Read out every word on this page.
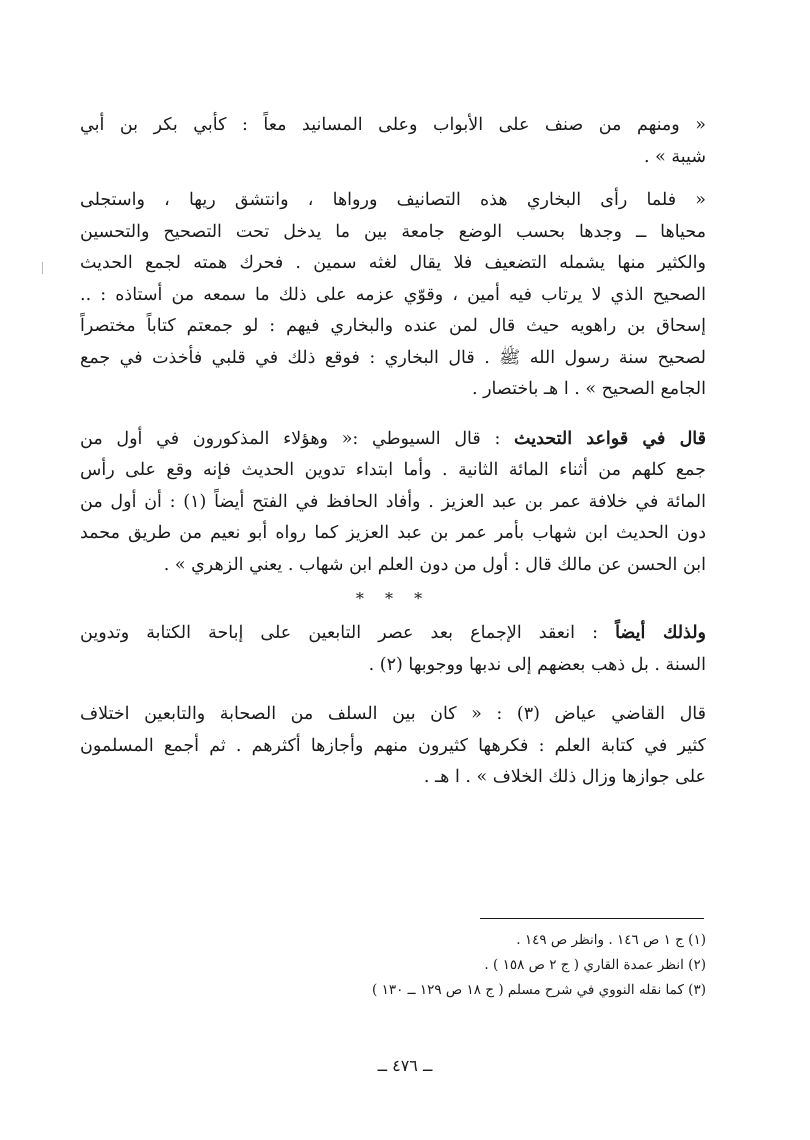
« ومنهم من صنف على الأبواب وعلى المسانيد معاً : كأبي بكر بن أبي
شيبة » .
« فلما رأى البخاري هذه التصانيف ورواها ، وانتشق ريها ، واستجلى
محياها ــ وجدها بحسب الوضع جامعة بين ما يدخل تحت التصحيح والتحسين
والكثير منها يشمله التضعيف فلا يقال لغثه سمين . فحرك همته لجمع الحديث
الصحيح الذي لا يرتاب فيه أمين ، وقوّي عزمه على ذلك ما سمعه من أستاذه : ..
إسحاق بن راهويه حيث قال لمن عنده والبخاري فيهم : لو جمعتم كتاباً مختصراً
لصحيح سنة رسول الله ﷺ . قال البخاري : فوقع ذلك في قلبي فأخذت في جمع
الجامع الصحيح » . ا هـ باختصار .
قال في قواعد التحديث : قال السيوطي :« وهؤلاء المذكورون في أول من
جمع كلهم من أثناء المائة الثانية . وأما ابتداء تدوين الحديث فإنه وقع على رأس
المائة في خلافة عمر بن عبد العزيز . وأفاد الحافظ في الفتح أيضاً (١) : أن أول من
دون الحديث ابن شهاب بأمر عمر بن عبد العزيز كما رواه أبو نعيم من طريق محمد
ابن الحسن عن مالك قال : أول من دون العلم ابن شهاب . يعني الزهري » .
* * *
ولذلك أيضاً : انعقد الإجماع بعد عصر التابعين على إباحة الكتابة وتدوين
السنة . بل ذهب بعضهم إلى ندبها ووجوبها (٢) .
قال القاضي عياض (٣) : « كان بين السلف من الصحابة والتابعين اختلاف
كثير في كتابة العلم : فكرهها كثيرون منهم وأجازها أكثرهم . ثم أجمع المسلمون
على جوازها وزال ذلك الخلاف » . ا هـ .
(١) ج ١ ص ١٤٦ . وانظر ص ١٤٩ .
(٢) انظر عمدة القاري ( ج ٢ ص ١٥٨ ) .
(٣) كما نقله النووي في شرح مسلم ( ج ١٨ ص ١٢٩ ــ ١٣٠ )
ــ ٤٧٦ ــ
